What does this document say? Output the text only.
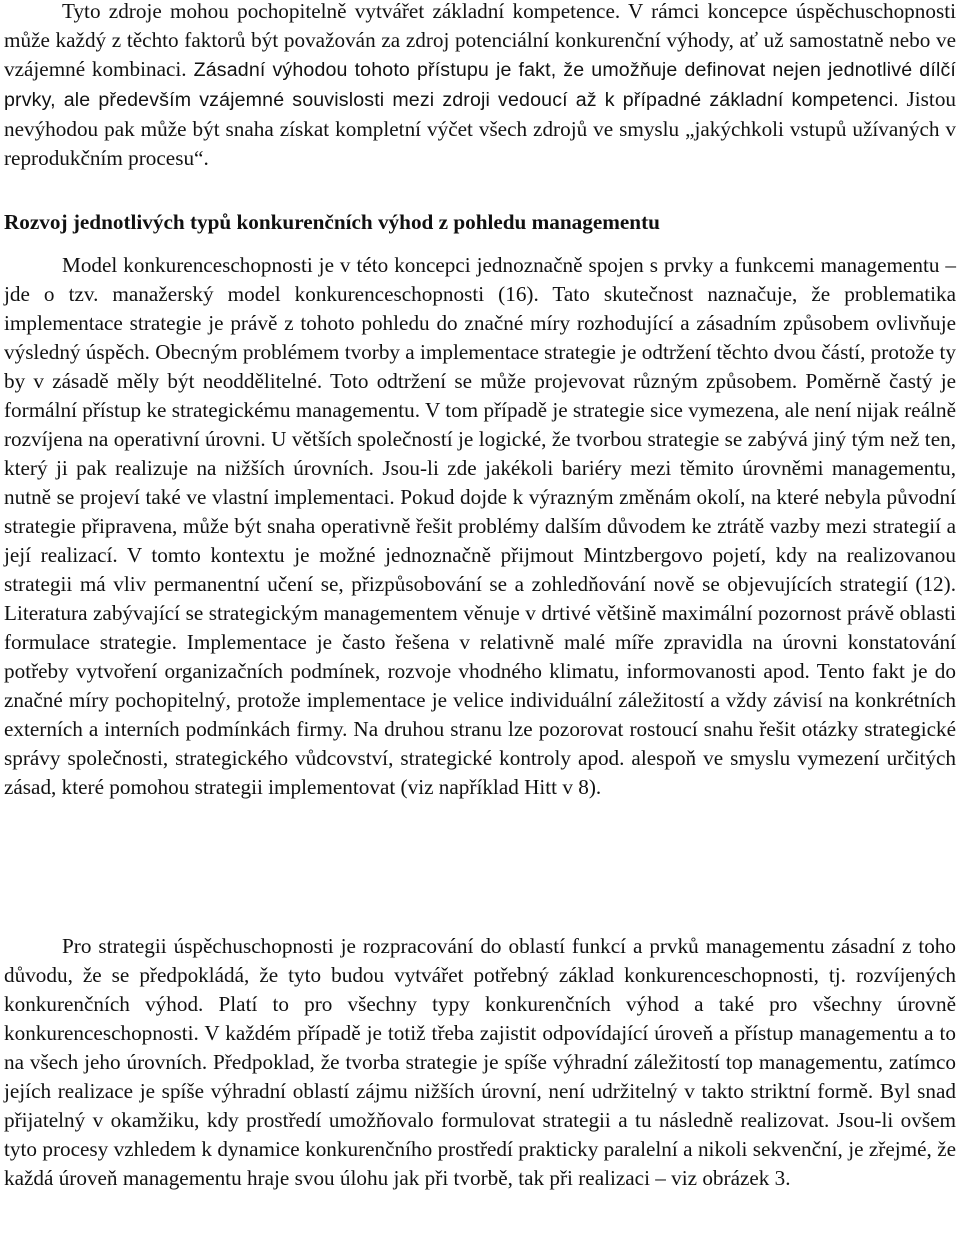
Tyto zdroje mohou pochopitelně vytvářet základní kompetence. V rámci koncepce úspěchuschopnosti může každý z těchto faktorů být považován za zdroj potenciální konkurenční výhody, ať už samostatně nebo ve vzájemné kombinaci. Zásadní výhodou tohoto přístupu je fakt, že umožňuje definovat nejen jednotlivé dílčí prvky, ale především vzájemné souvislosti mezi zdroji vedoucí až k případné základní kompetenci. Jistou nevýhodou pak může být snaha získat kompletní výčet všech zdrojů ve smyslu „jakýchkoli vstupů užívaných v reprodukčním procesu“.

Rozvoj jednotlivých typů konkurenčních výhod z pohledu managementu

Model konkurenceschopnosti je v této koncepci jednoznačně spojen s prvky a funkcemi managementu – jde o tzv. manažerský model konkurenceschopnosti (16). Tato skutečnost naznačuje, že problematika implementace strategie je právě z tohoto pohledu do značné míry rozhodující a zásadním způsobem ovlivňuje výsledný úspěch. Obecným problémem tvorby a implementace strategie je odtržení těchto dvou částí, protože ty by v zásadě měly být neoddělitelné. Toto odtržení se může projevovat různým způsobem. Poměrně častý je formální přístup ke strategickému managementu. V tom případě je strategie sice vymezena, ale není nijak reálně rozvíjena na operativní úrovni. U větších společností je logické, že tvorbou strategie se zabývá jiný tým než ten, který ji pak realizuje na nižších úrovních. Jsou-li zde jakékoli bariéry mezi těmito úrovněmi managementu, nutně se projeví také ve vlastní implementaci. Pokud dojde k výrazným změnám okolí, na které nebyla původní strategie připravena, může být snaha operativně řešit problémy dalším důvodem ke ztrátě vazby mezi strategií a její realizací. V tomto kontextu je možné jednoznačně přijmout Mintzbergovo pojetí, kdy na realizovanou strategii má vliv permanentní učení se, přizpůsobování se a zohledňování nově se objevujících strategií (12). Literatura zabývající se strategickým managementem věnuje v drtivé většině maximální pozornost právě oblasti formulace strategie. Implementace je často řešena v relativně malé míře zpravidla na úrovni konstatování potřeby vytvoření organizačních podmínek, rozvoje vhodného klimatu, informovanosti apod. Tento fakt je do značné míry pochopitelný, protože implementace je velice individuální záležitostí a vždy závisí na konkrétních externích a interních podmínkách firmy. Na druhou stranu lze pozorovat rostoucí snahu řešit otázky strategické správy společnosti, strategického vůdcovství, strategické kontroly apod. alespoň ve smyslu vymezení určitých zásad, které pomohou strategii implementovat (viz například Hitt v 8).

Pro strategii úspěchuschopnosti je rozpracování do oblastí funkcí a prvků managementu zásadní z toho důvodu, že se předpokládá, že tyto budou vytvářet potřebný základ konkurenceschopnosti, tj. rozvíjených konkurenčních výhod. Platí to pro všechny typy konkurenčních výhod a také pro všechny úrovně konkurenceschopnosti. V každém případě je totiž třeba zajistit odpovídající úroveň a přístup managementu a to na všech jeho úrovních. Předpoklad, že tvorba strategie je spíše výhradní záležitostí top managementu, zatímco jejích realizace je spíše výhradní oblastí zájmu nižších úrovní, není udržitelný v takto striktní formě. Byl snad přijatelný v okamžiku, kdy prostředí umožňovalo formulovat strategii a tu následně realizovat. Jsou-li ovšem tyto procesy vzhledem k dynamice konkurenčního prostředí prakticky paralelní a nikoli sekvenční, je zřejmé, že každá úroveň managementu hraje svou úlohu jak při tvorbě, tak při realizaci – viz obrázek 3.
